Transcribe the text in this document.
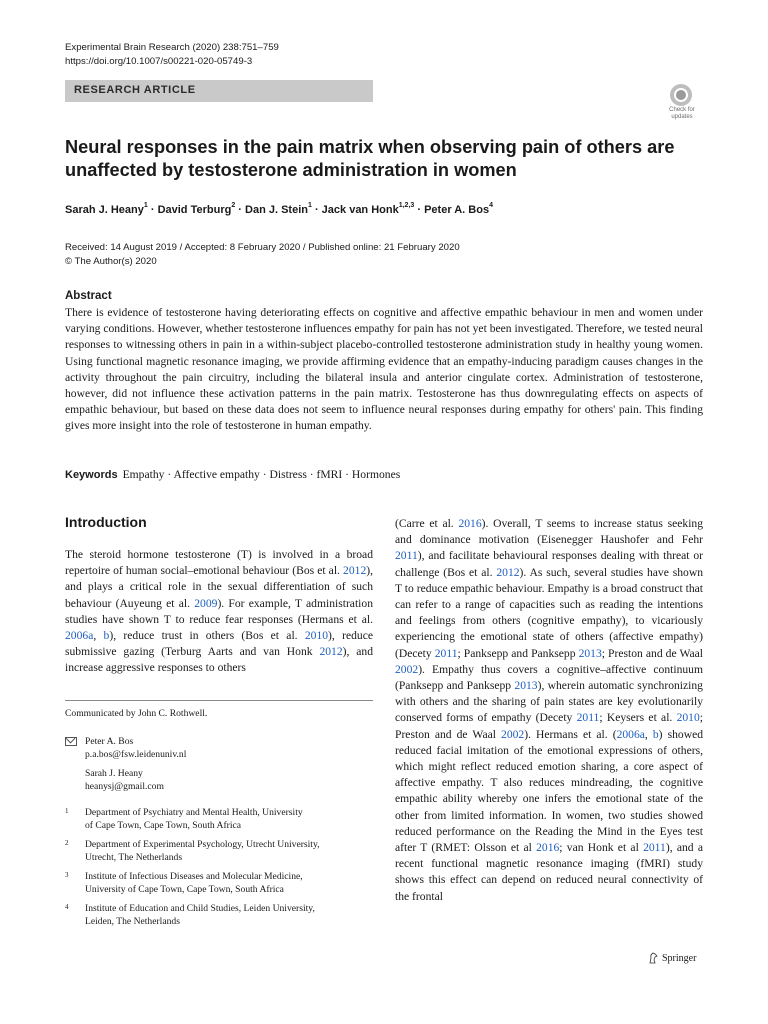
Experimental Brain Research (2020) 238:751–759
https://doi.org/10.1007/s00221-020-05749-3
RESEARCH ARTICLE
Check for
updates
Neural responses in the pain matrix when observing pain of others are unaffected by testosterone administration in women
Sarah J. Heany$^1$ · David Terburg$^2$ · Dan J. Stein$^1$ · Jack van Honk$^{1,2,3}$ · Peter A. Bos$^4$
Received: 14 August 2019 / Accepted: 8 February 2020 / Published online: 21 February 2020
© The Author(s) 2020
Abstract
There is evidence of testosterone having deteriorating effects on cognitive and affective empathic behaviour in men and women under varying conditions. However, whether testosterone influences empathy for pain has not yet been investigated. Therefore, we tested neural responses to witnessing others in pain in a within-subject placebo-controlled testosterone administration study in healthy young women. Using functional magnetic resonance imaging, we provide affirming evidence that an empathy-inducing paradigm causes changes in the activity throughout the pain circuitry, including the bilateral insula and anterior cingulate cortex. Administration of testosterone, however, did not influence these activation patterns in the pain matrix. Testosterone has thus downregulating effects on aspects of empathic behaviour, but based on these data does not seem to influence neural responses during empathy for others' pain. This finding gives more insight into the role of testosterone in human empathy.
Keywords Empathy · Affective empathy · Distress · fMRI · Hormones
Introduction
The steroid hormone testosterone (T) is involved in a broad repertoire of human social–emotional behaviour (Bos et al. 2012), and plays a critical role in the sexual differentiation of such behaviour (Auyeung et al. 2009). For example, T administration studies have shown T to reduce fear responses (Hermans et al. 2006a, b), reduce trust in others (Bos et al. 2010), reduce submissive gazing (Terburg Aarts and van Honk 2012), and increase aggressive responses to others
(Carre et al. 2016). Overall, T seems to increase status seeking and dominance motivation (Eisenegger Haushofer and Fehr 2011), and facilitate behavioural responses dealing with threat or challenge (Bos et al. 2012). As such, several studies have shown T to reduce empathic behaviour. Empathy is a broad construct that can refer to a range of capacities such as reading the intentions and feelings from others (cognitive empathy), to vicariously experiencing the emotional state of others (affective empathy) (Decety 2011; Panksepp and Panksepp 2013; Preston and de Waal 2002). Empathy thus covers a cognitive–affective continuum (Panksepp and Panksepp 2013), wherein automatic synchronizing with others and the sharing of pain states are key evolutionarily conserved forms of empathy (Decety 2011; Keysers et al. 2010; Preston and de Waal 2002). Hermans et al. (2006a, b) showed reduced facial imitation of the emotional expressions of others, which might reflect reduced emotion sharing, a core aspect of affective empathy. T also reduces mindreading, the cognitive empathic ability whereby one infers the emotional state of the other from limited information. In women, two studies showed reduced performance on the Reading the Mind in the Eyes test after T (RMET: Olsson et al 2016; van Honk et al 2011), and a recent functional magnetic resonance imaging (fMRI) study shows this effect can depend on reduced neural connectivity of the frontal
Communicated by John C. Rothwell.
Peter A. Bos
p.a.bos@fsw.leidenuniv.nl
Sarah J. Heany
heanysj@gmail.com
1 Department of Psychiatry and Mental Health, University
of Cape Town, Cape Town, South Africa
2 Department of Experimental Psychology, Utrecht University,
Utrecht, The Netherlands
3 Institute of Infectious Diseases and Molecular Medicine,
University of Cape Town, Cape Town, South Africa
4 Institute of Education and Child Studies, Leiden University,
Leiden, The Netherlands
Springer
